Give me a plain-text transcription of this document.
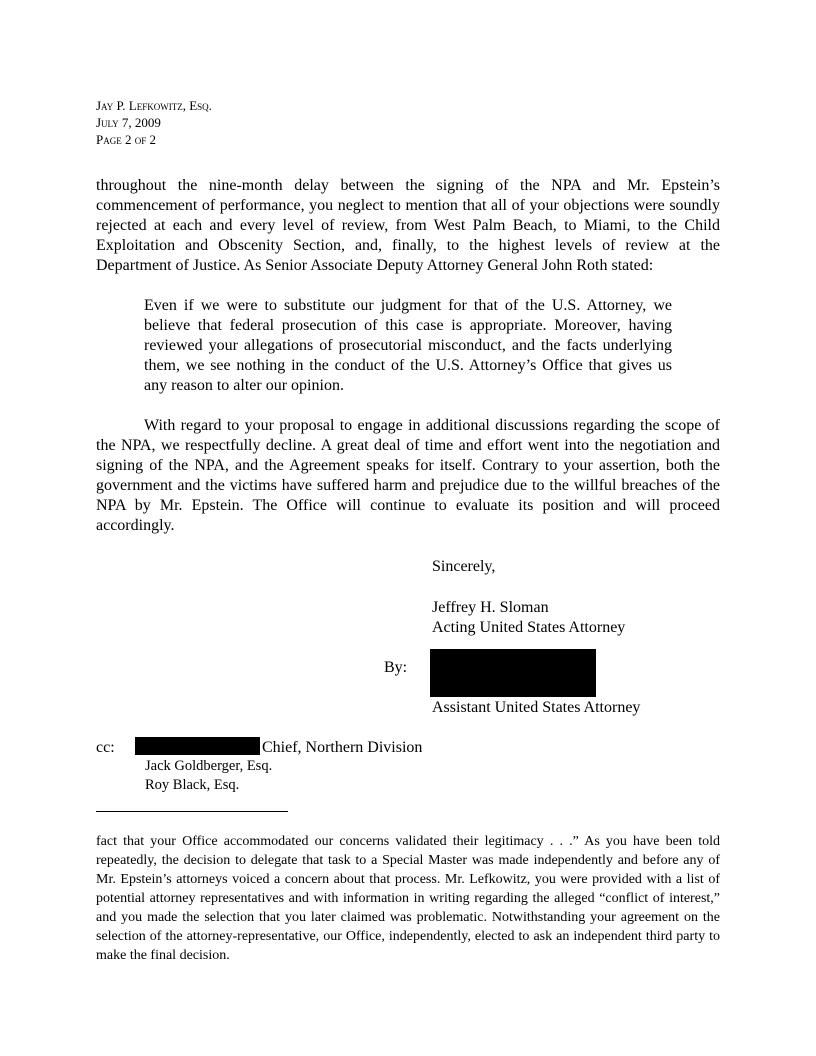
Jay P. Lefkowitz, Esq.
July 7, 2009
Page 2 of 2
throughout the nine-month delay between the signing of the NPA and Mr. Epstein’s commencement of performance, you neglect to mention that all of your objections were soundly rejected at each and every level of review, from West Palm Beach, to Miami, to the Child Exploitation and Obscenity Section, and, finally, to the highest levels of review at the Department of Justice. As Senior Associate Deputy Attorney General John Roth stated:
Even if we were to substitute our judgment for that of the U.S. Attorney, we believe that federal prosecution of this case is appropriate. Moreover, having reviewed your allegations of prosecutorial misconduct, and the facts underlying them, we see nothing in the conduct of the U.S. Attorney’s Office that gives us any reason to alter our opinion.
With regard to your proposal to engage in additional discussions regarding the scope of the NPA, we respectfully decline. A great deal of time and effort went into the negotiation and signing of the NPA, and the Agreement speaks for itself. Contrary to your assertion, both the government and the victims have suffered harm and prejudice due to the willful breaches of the NPA by Mr. Epstein. The Office will continue to evaluate its position and will proceed accordingly.
Sincerely,
Jeffrey H. Sloman
Acting United States Attorney
By:
Assistant United States Attorney
cc:	Chief, Northern Division
Jack Goldberger, Esq.
Roy Black, Esq.
fact that your Office accommodated our concerns validated their legitimacy . . .” As you have been told repeatedly, the decision to delegate that task to a Special Master was made independently and before any of Mr. Epstein’s attorneys voiced a concern about that process. Mr. Lefkowitz, you were provided with a list of potential attorney representatives and with information in writing regarding the alleged “conflict of interest,” and you made the selection that you later claimed was problematic. Notwithstanding your agreement on the selection of the attorney-representative, our Office, independently, elected to ask an independent third party to make the final decision.
